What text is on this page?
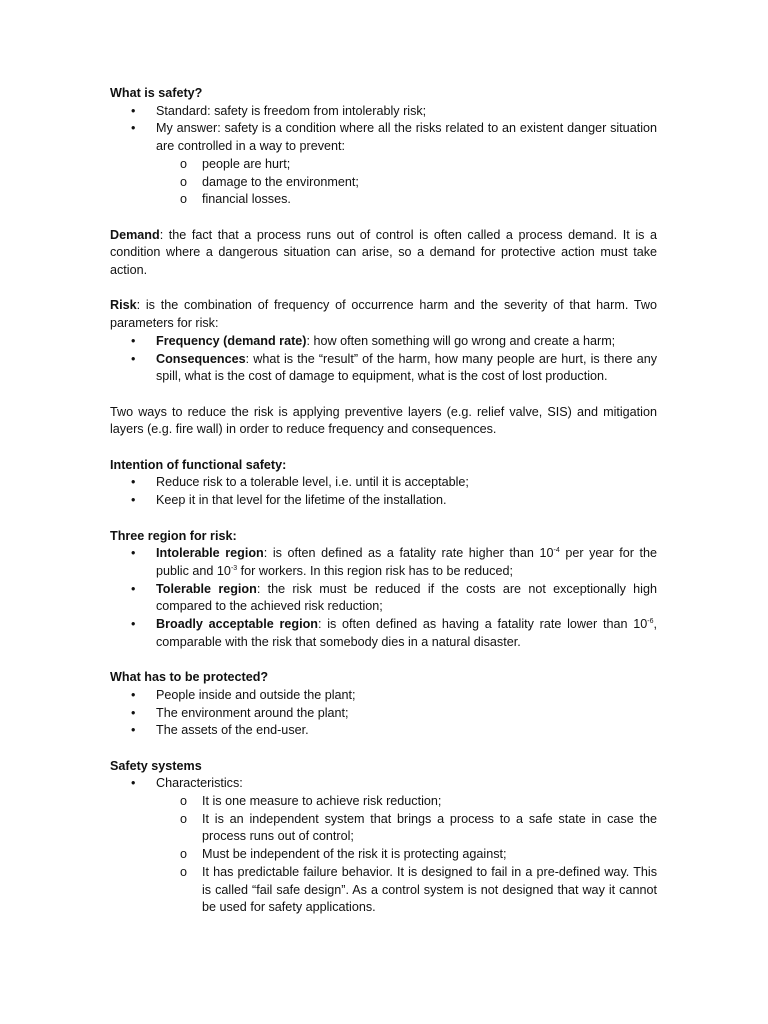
What is safety?

• Standard: safety is freedom from intolerably risk;
• My answer: safety is a condition where all the risks related to an existent danger situation are controlled in a way to prevent:
o people are hurt;
o damage to the environment;
o financial losses.

Demand: the fact that a process runs out of control is often called a process demand. It is a condition where a dangerous situation can arise, so a demand for protective action must take action.

Risk: is the combination of frequency of occurrence harm and the severity of that harm. Two parameters for risk:

• Frequency (demand rate): how often something will go wrong and create a harm;
• Consequences: what is the “result” of the harm, how many people are hurt, is there any spill, what is the cost of damage to equipment, what is the cost of lost production.

Two ways to reduce the risk is applying preventive layers (e.g. relief valve, SIS) and mitigation layers (e.g. fire wall) in order to reduce frequency and consequences.

Intention of functional safety:

• Reduce risk to a tolerable level, i.e. until it is acceptable;
• Keep it in that level for the lifetime of the installation.

Three region for risk:

• Intolerable region: is often defined as a fatality rate higher than $10^{-4}$ per year for the public and $10^{-3}$ for workers. In this region risk has to be reduced;
• Tolerable region: the risk must be reduced if the costs are not exceptionally high compared to the achieved risk reduction;
• Broadly acceptable region: is often defined as having a fatality rate lower than $10^{-6}$, comparable with the risk that somebody dies in a natural disaster.

What has to be protected?

• People inside and outside the plant;
• The environment around the plant;
• The assets of the end-user.

Safety systems

• Characteristics:
o It is one measure to achieve risk reduction;
o It is an independent system that brings a process to a safe state in case the process runs out of control;
o Must be independent of the risk it is protecting against;
o It has predictable failure behavior. It is designed to fail in a pre-defined way. This is called “fail safe design”. As a control system is not designed that way it cannot be used for safety applications.
